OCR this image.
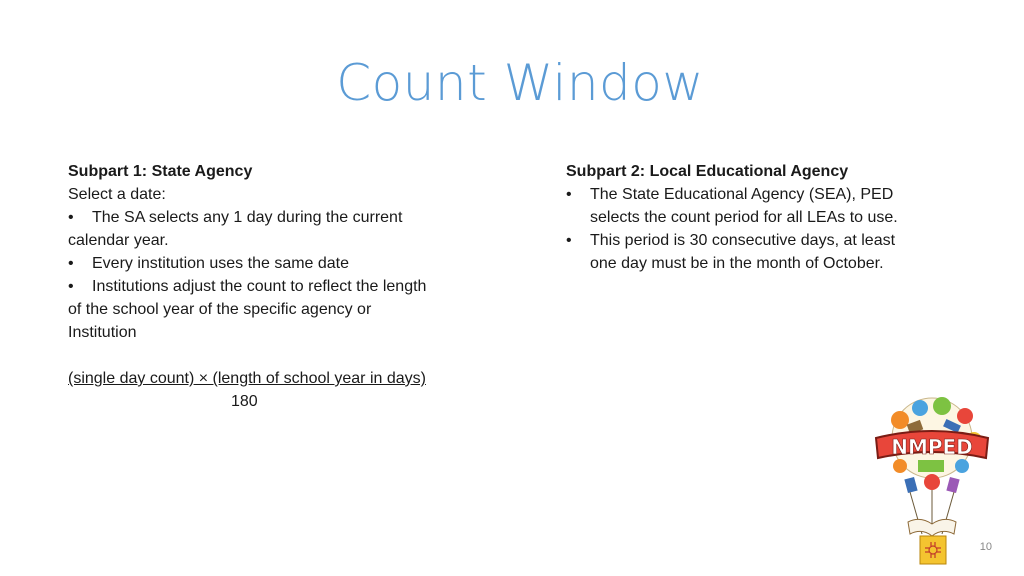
Count Window
Subpart 1: State Agency
Select a date:
•	The SA selects any 1 day during the current
calendar year.
•	Every institution uses the same date
•	Institutions adjust the count to reflect the length
of the school year of the specific agency or
Institution
(single day count) × (length of school year in days)
180
Subpart 2: Local Educational Agency
•	The State Educational Agency (SEA), PED selects the count period for all LEAs to use.
•	This period is 30 consecutive days, at least one day must be in the month of October.
NMPED
10
